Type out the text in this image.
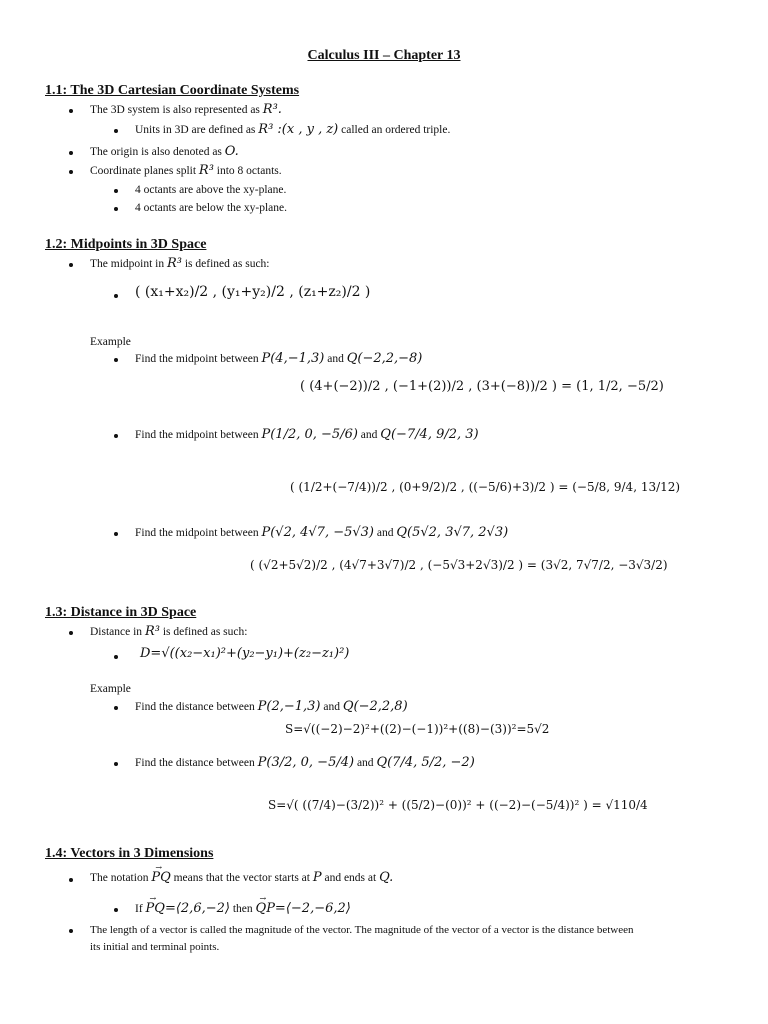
Calculus III – Chapter 13
1.1: The 3D Cartesian Coordinate Systems
The 3D system is also represented as R³.
Units in 3D are defined as R³ :(x , y , z) called an ordered triple.
The origin is also denoted as O.
Coordinate planes split R³ into 8 octants.
4 octants are above the xy-plane.
4 octants are below the xy-plane.
1.2: Midpoints in 3D Space
The midpoint in R³ is defined as such:
( (x₁+x₂)/2 , (y₁+y₂)/2 , (z₁+z₂)/2 )
Example
Find the midpoint between P(4,−1,3) and Q(−2,2,−8)
( (4+(−2))/2 , (−1+(2))/2 , (3+(−8))/2 ) = (1, 1/2, −5/2)
Find the midpoint between P(1/2, 0, −5/6) and Q(−7/4, 9/2, 3)
( (1/2+(−7/4))/2 , (0+9/2)/2 , ((−5/6)+3)/2 ) = (−5/8, 9/4, 13/12)
Find the midpoint between P(√2, 4√7, −5√3) and Q(5√2, 3√7, 2√3)
( (√2+5√2)/2 , (4√7+3√7)/2 , (−5√3+2√3)/2 ) = (3√2, 7√7/2, −3√3/2)
1.3: Distance in 3D Space
Distance in R³ is defined as such:
D=√((x₂−x₁)²+(y₂−y₁)+(z₂−z₁)²)
Example
Find the distance between P(2,−1,3) and Q(−2,2,8)
S=√((−2)−2)²+((2)−(−1))²+((8)−(3))²=5√2
Find the distance between P(3/2, 0, −5/4) and Q(7/4, 5/2, −2)
S=√( ((7/4)−(3/2))² + ((5/2)−(0))² + ((−2)−(−5/4))² ) = √110/4
1.4: Vectors in 3 Dimensions
The notation → PQ means that the vector starts at P and ends at Q.
If → PQ=⟨2,6,−2⟩ then → QP=⟨−2,−6,2⟩
The length of a vector is called the magnitude of the vector. The magnitude of the vector of a vector is the distance between
its initial and terminal points.
